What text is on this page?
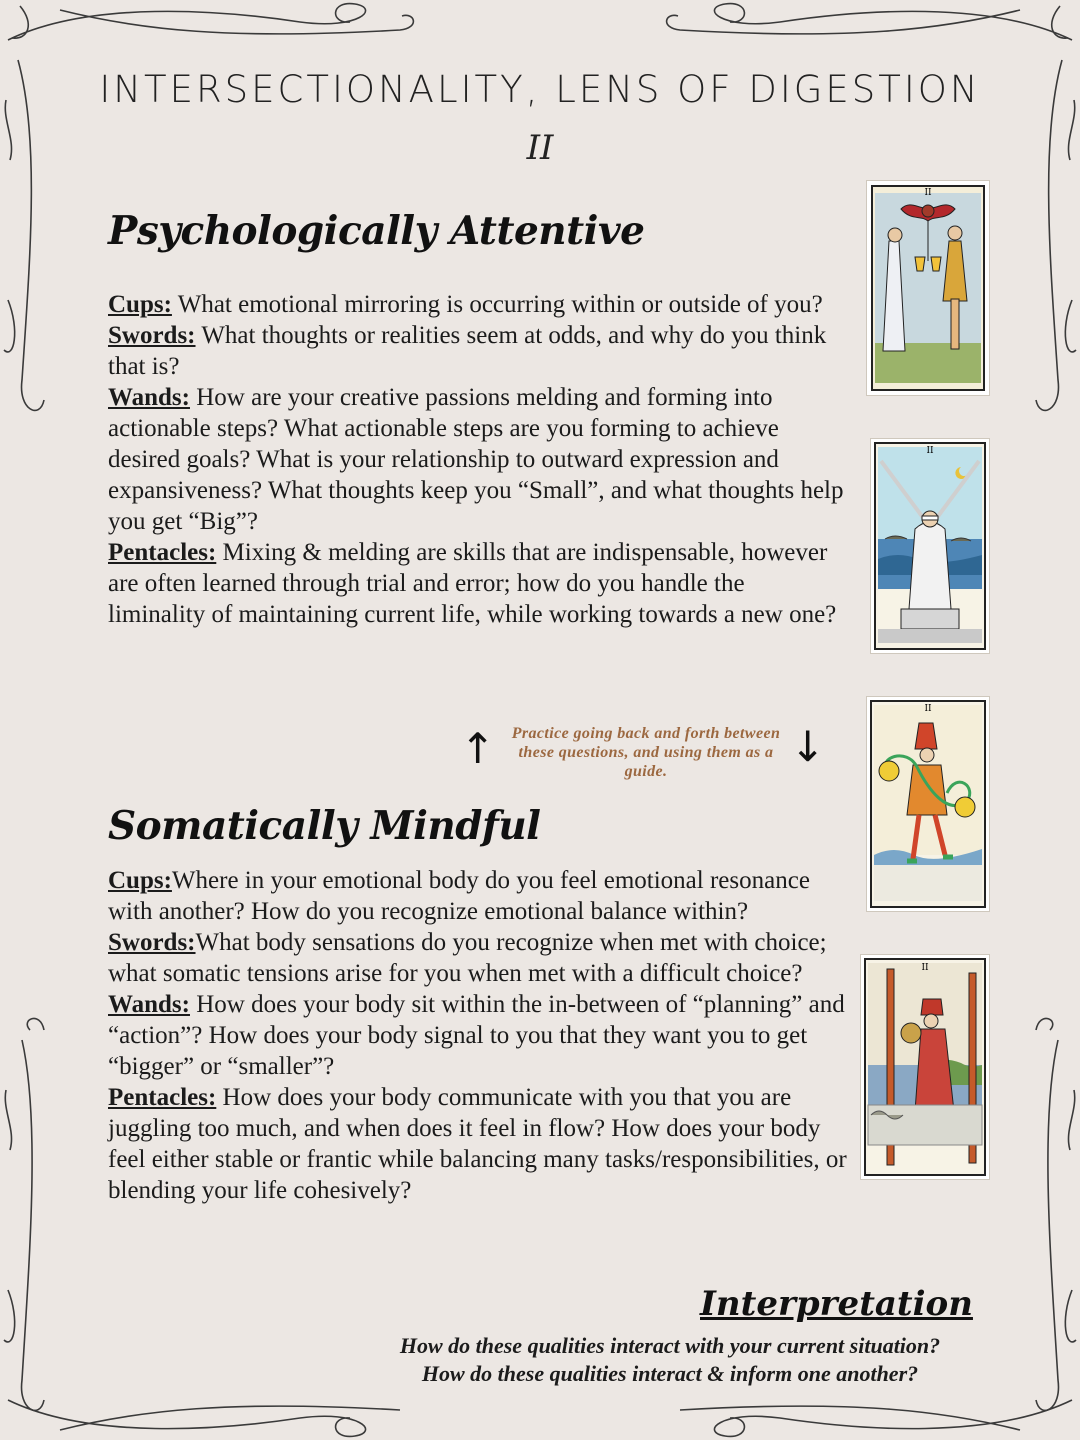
INTERSECTIONALITY, LENS OF DIGESTION
II
Psychologically Attentive

Cups: What emotional mirroring is occurring within or outside of you?

Swords: What thoughts or realities seem at odds, and why do you think that is?

Wands: How are your creative passions melding and forming into actionable steps? What actionable steps are you forming to achieve desired goals? What is your relationship to outward expression and expansiveness? What thoughts keep you “Small”, and what thoughts help you get “Big”?

Pentacles: Mixing & melding are skills that are indispensable, however are often learned through trial and error; how do you handle the liminality of maintaining current life, while working towards a new one?

↑	Practice going back and forth between these questions, and using them as a guide.
↓
Somatically Mindful

Cups:Where in your emotional body do you feel emotional resonance with another? How do you recognize emotional balance within?

Swords:What body sensations do you recognize when met with choice; what somatic tensions arise for you when met with a difficult choice?

Wands: How does your body sit within the in-between of “planning” and “action”? How does your body signal to you that they want you to get “bigger” or “smaller”?

Pentacles: How does your body communicate with you that you are juggling too much, and when does it feel in flow? How does your body feel either stable or frantic while balancing many tasks/responsibilities, or blending your life cohesively?

Interpretation

How do these qualities interact with your current situation?

How do these qualities interact & inform one another?

II
II
II
II
